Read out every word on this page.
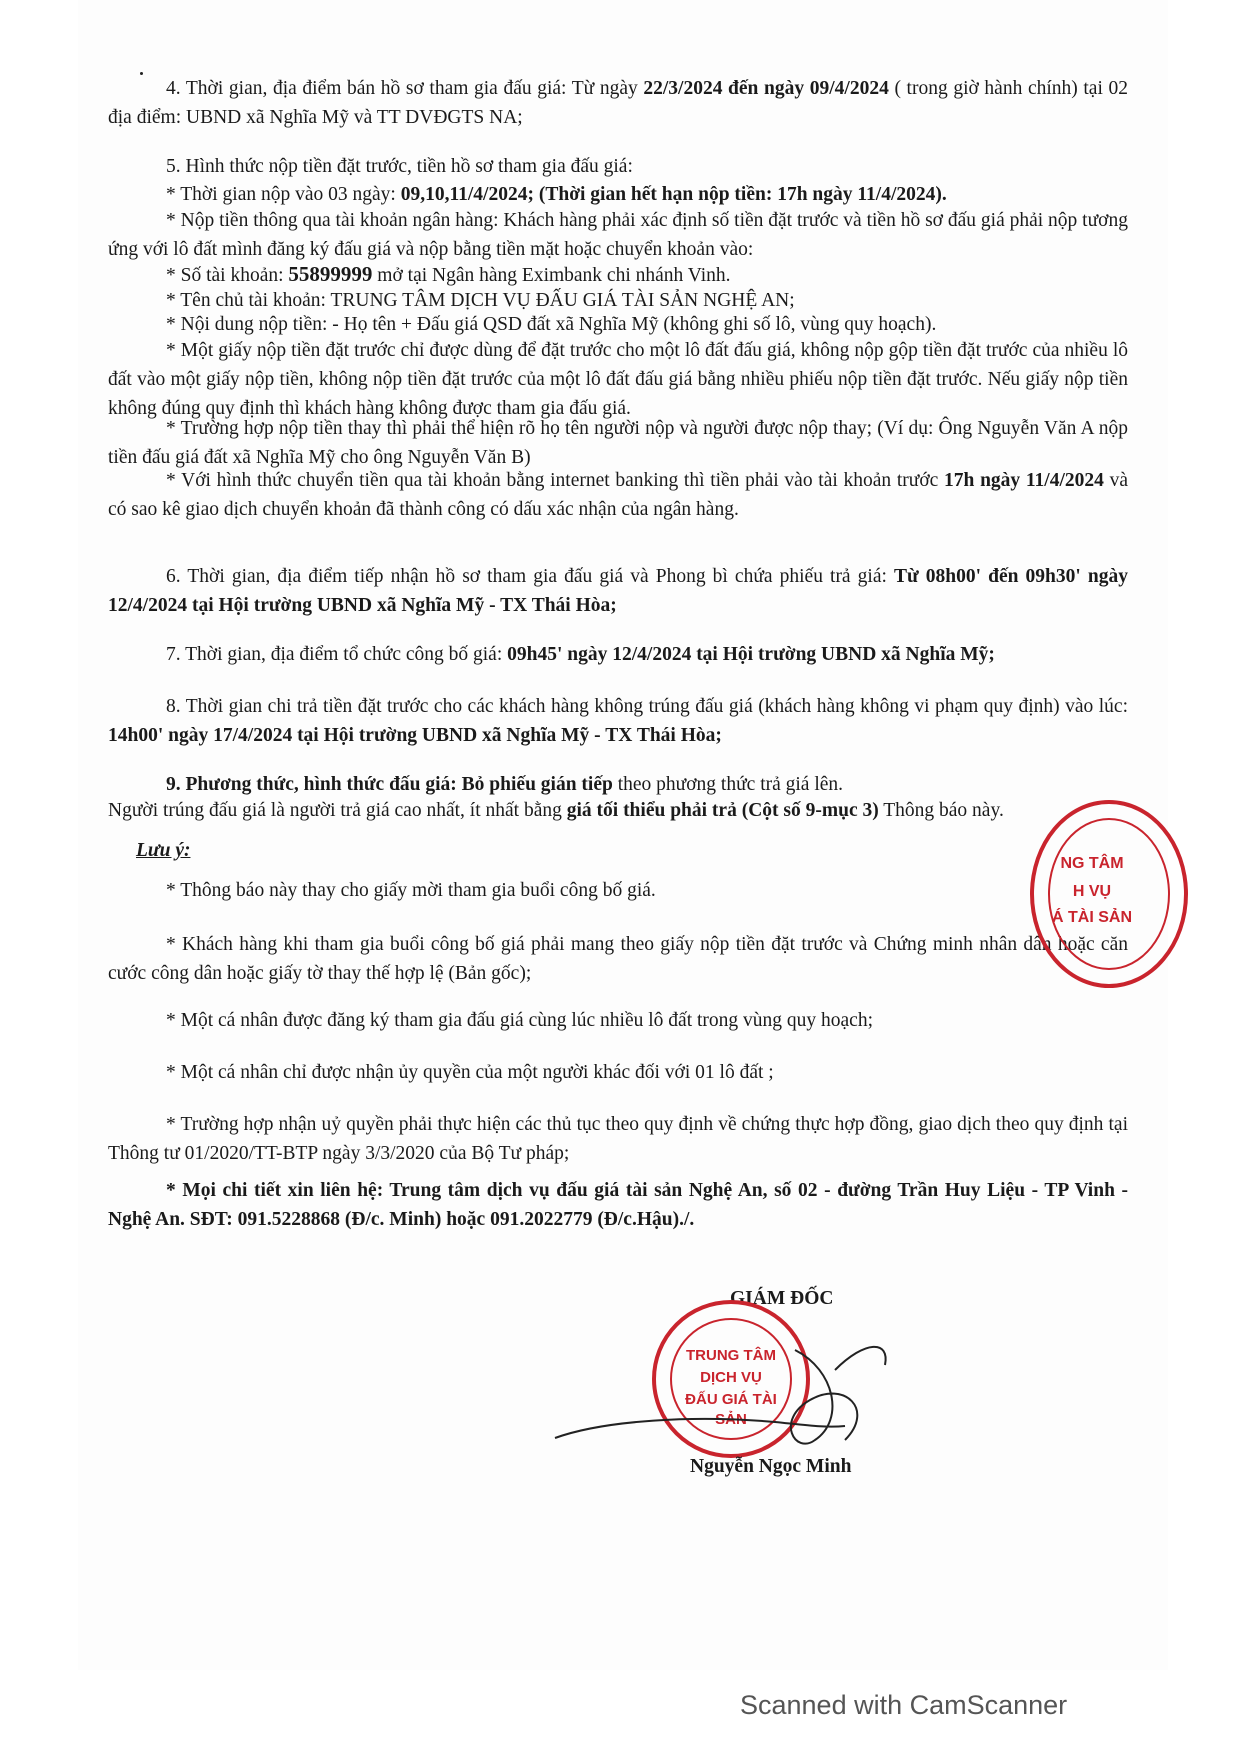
4. Thời gian, địa điểm bán hồ sơ tham gia đấu giá: Từ ngày 22/3/2024 đến ngày 09/4/2024 ( trong giờ hành chính) tại 02 địa điểm: UBND xã Nghĩa Mỹ và TT DVĐGTS NA;

5. Hình thức nộp tiền đặt trước, tiền hồ sơ tham gia đấu giá:

* Thời gian nộp vào 03 ngày: 09,10,11/4/2024; (Thời gian hết hạn nộp tiền: 17h ngày 11/4/2024).

* Nộp tiền thông qua tài khoản ngân hàng: Khách hàng phải xác định số tiền đặt trước và tiền hồ sơ đấu giá phải nộp tương ứng với lô đất mình đăng ký đấu giá và nộp bằng tiền mặt hoặc chuyển khoản vào:

* Số tài khoản: 55899999 mở tại Ngân hàng Eximbank chi nhánh Vinh.

* Tên chủ tài khoản: TRUNG TÂM DỊCH VỤ ĐẤU GIÁ TÀI SẢN NGHỆ AN;

* Nội dung nộp tiền: - Họ tên + Đấu giá QSD đất xã Nghĩa Mỹ (không ghi số lô, vùng quy hoạch).

* Một giấy nộp tiền đặt trước chỉ được dùng để đặt trước cho một lô đất đấu giá, không nộp gộp tiền đặt trước của nhiều lô đất vào một giấy nộp tiền, không nộp tiền đặt trước của một lô đất đấu giá bằng nhiều phiếu nộp tiền đặt trước. Nếu giấy nộp tiền không đúng quy định thì khách hàng không được tham gia đấu giá.

* Trường hợp nộp tiền thay thì phải thể hiện rõ họ tên người nộp và người được nộp thay; (Ví dụ: Ông Nguyễn Văn A nộp tiền đấu giá đất xã Nghĩa Mỹ cho ông Nguyễn Văn B)

* Với hình thức chuyển tiền qua tài khoản bằng internet banking thì tiền phải vào tài khoản trước 17h ngày 11/4/2024 và có sao kê giao dịch chuyển khoản đã thành công có dấu xác nhận của ngân hàng.

6. Thời gian, địa điểm tiếp nhận hồ sơ tham gia đấu giá và Phong bì chứa phiếu trả giá: Từ 08h00' đến 09h30' ngày 12/4/2024 tại Hội trường UBND xã Nghĩa Mỹ - TX Thái Hòa;

7. Thời gian, địa điểm tổ chức công bố giá: 09h45' ngày 12/4/2024 tại Hội trường UBND xã Nghĩa Mỹ;

8. Thời gian chi trả tiền đặt trước cho các khách hàng không trúng đấu giá (khách hàng không vi phạm quy định) vào lúc: 14h00' ngày 17/4/2024 tại Hội trường UBND xã Nghĩa Mỹ - TX Thái Hòa;

9. Phương thức, hình thức đấu giá: Bỏ phiếu gián tiếp theo phương thức trả giá lên.

Người trúng đấu giá là người trả giá cao nhất, ít nhất bằng giá tối thiểu phải trả (Cột số 9-mục 3) Thông báo này.

Lưu ý:

* Thông báo này thay cho giấy mời tham gia buổi công bố giá.

* Khách hàng khi tham gia buổi công bố giá phải mang theo giấy nộp tiền đặt trước và Chứng minh nhân dân hoặc căn cước công dân hoặc giấy tờ thay thế hợp lệ (Bản gốc);

* Một cá nhân được đăng ký tham gia đấu giá cùng lúc nhiều lô đất trong vùng quy hoạch;

* Một cá nhân chỉ được nhận ủy quyền của một người khác đối với 01 lô đất ;

* Trường hợp nhận uỷ quyền phải thực hiện các thủ tục theo quy định về chứng thực hợp đồng, giao dịch theo quy định tại Thông tư 01/2020/TT-BTP ngày 3/3/2020 của Bộ Tư pháp;

* Mọi chi tiết xin liên hệ: Trung tâm dịch vụ đấu giá tài sản Nghệ An, số 02 - đường Trần Huy Liệu - TP Vinh - Nghệ An. SĐT: 091.5228868 (Đ/c. Minh) hoặc 091.2022779 (Đ/c.Hậu)./.

NG TÂM
H VỤ
Á TÀI SẢN

GIÁM ĐỐC

TRUNG TÂM
DỊCH VỤ
ĐẤU GIÁ TÀI SẢN

Nguyễn Ngọc Minh

Scanned with CamScanner
